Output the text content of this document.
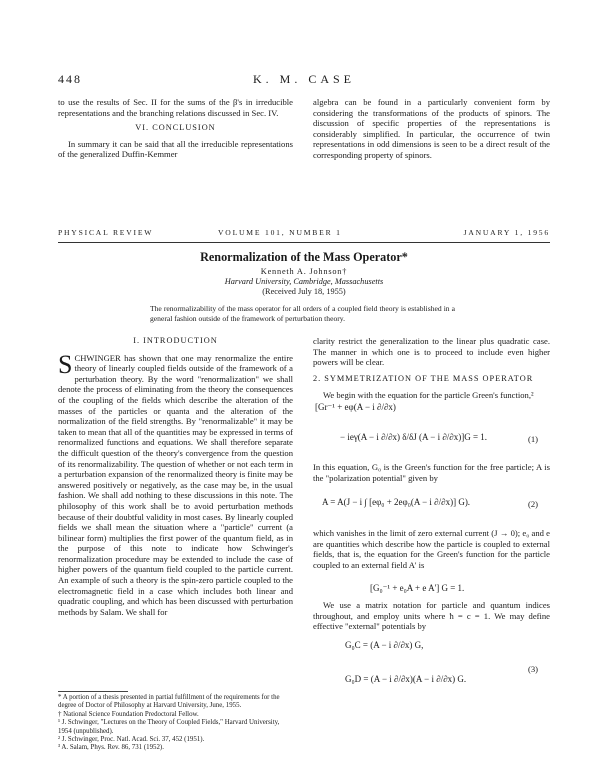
448	K. M. CASE

to use the results of Sec. II for the sums of the β's in irreducible representations and the branching relations discussed in Sec. IV.

VI. CONCLUSION

In summary it can be said that all the irreducible representations of the generalized Duffin-Kemmer

algebra can be found in a particularly convenient form by considering the transformations of the products of spinors. The discussion of specific properties of the representations is considerably simplified. In particular, the occurrence of twin representations in odd dimensions is seen to be a direct result of the corresponding property of spinors.

PHYSICAL REVIEW	VOLUME 101, NUMBER 1	JANUARY 1, 1956
Renormalization of the Mass Operator*
Kenneth A. Johnson†
Harvard University, Cambridge, Massachusetts
(Received July 18, 1955)
The renormalizability of the mass operator for all orders of a coupled field theory is established in a general fashion outside of the framework of perturbation theory.
I. INTRODUCTION

SCHWINGER has shown that one may renormalize the entire theory of linearly coupled fields outside of the framework of a perturbation theory. By the word "renormalization" we shall denote the process of eliminating from the theory the consequences of the coupling of the fields which describe the alteration of the masses of the particles or quanta and the alteration of the normalization of the field strengths. By "renormalizable" it may be taken to mean that all of the quantities may be expressed in terms of renormalized functions and equations. We shall therefore separate the difficult question of the theory's convergence from the question of its renormalizability. The question of whether or not each term in a perturbation expansion of the renormalized theory is finite may be answered positively or negatively, as the case may be, in the usual fashion. We shall add nothing to these discussions in this note. The philosophy of this work shall be to avoid perturbation methods because of their doubtful validity in most cases. By linearly coupled fields we shall mean the situation where a "particle" current (a bilinear form) multiplies the first power of the quantum field, as in the purpose of this note to indicate how Schwinger's renormalization procedure may be extended to include the case of higher powers of the quantum field coupled to the particle current. An example of such a theory is the spin-zero particle coupled to the electromagnetic field in a case which includes both linear and quadratic coupling, and which has been discussed with perturbation methods by Salam. We shall for

* A portion of a thesis presented in partial fulfillment of the requirements for the degree of Doctor of Philosophy at Harvard University, June, 1955.

† National Science Foundation Predoctoral Fellow.

¹ J. Schwinger, "Lectures on the Theory of Coupled Fields," Harvard University, 1954 (unpublished).

² J. Schwinger, Proc. Natl. Acad. Sci. 37, 452 (1951).

³ A. Salam, Phys. Rev. 86, 731 (1952).

clarity restrict the generalization to the linear plus quadratic case. The manner in which one is to proceed to include even higher powers will be clear.

2. SYMMETRIZATION OF THE MASS OPERATOR

We begin with the equation for the particle Green's function,²

[Gr⁻¹ + eφ(A − i ∂/∂x)
− ieγ(A − i ∂/∂x) δ/δJ (A − i ∂/∂x)]G = 1.	(1)

In this equation, G₀ is the Green's function for the free particle; A is the "polarization potential" given by

A = A(J − i ∫ [eφ₀ + 2eφ₀(A − i ∂/∂x)] G).	(2)

which vanishes in the limit of zero external current (J → 0); e₀ and e are quantities which describe how the particle is coupled to external fields, that is, the equation for the Green's function for the particle coupled to an external field A' is

[G₀⁻¹ + e₀A + e A'] G = 1.

We use a matrix notation for particle and quantum indices throughout, and employ units where ħ = c = 1. We may define effective "external" potentials by

G₀C = (A − i ∂/∂x) G,
G₀D = (A − i ∂/∂x)(A − i ∂/∂x) G.
(3)
